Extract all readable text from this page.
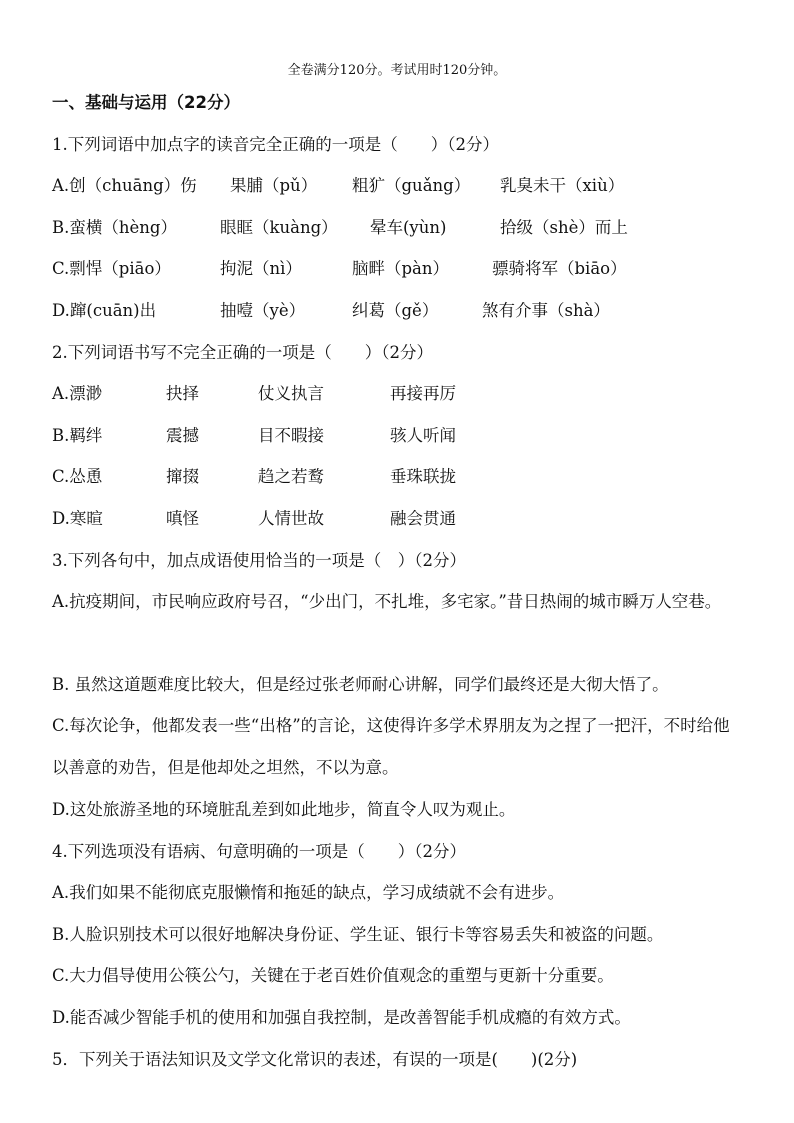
全卷满分120分。考试用时120分钟。
一、基础与运用（22分）
1.下列词语中加点字的读音完全正确的一项是（　　）（2分）
A.创（chuāng）伤 果脯（pǔ） 粗犷（guǎng） 乳臭未干（xiù）
B.蛮横（hèng）	眼眶（kuàng） 晕车(yùn)	拾级（shè）而上
C.剽悍（piāo）	拘泥（nì）	脑畔（pàn）	骠骑将军（biāo）
D.蹿(cuān)出	抽噎（yè）	纠葛（gě）	煞有介事（shà）
2.下列词语书写不完全正确的一项是（　　）（2分）
A.漂渺	抉择	仗义执言	再接再厉
B.羁绊	震撼	目不暇接	骇人听闻
C.怂恿	撺掇	趋之若鹜	垂珠联拢
D.寒暄	嗔怪	人情世故	融会贯通
3.下列各句中，加点成语使用恰当的一项是（　）（2分）
A.抗疫期间，市民响应政府号召，“少出门，不扎堆，多宅家。”昔日热闹的城市瞬万人空巷。
B. 虽然这道题难度比较大，但是经过张老师耐心讲解，同学们最终还是大彻大悟了。
C.每次论争，他都发表一些“出格”的言论，这使得许多学术界朋友为之捏了一把汗，不时给他以善意的劝告，但是他却处之坦然，不以为意。
D.这处旅游圣地的环境脏乱差到如此地步，简直令人叹为观止。
4.下列选项没有语病、句意明确的一项是（　　）（2分）
A.我们如果不能彻底克服懒惰和拖延的缺点，学习成绩就不会有进步。
B.人脸识别技术可以很好地解决身份证、学生证、银行卡等容易丢失和被盗的问题。
C.大力倡导使用公筷公勺，关键在于老百姓价值观念的重塑与更新十分重要。
D.能否减少智能手机的使用和加强自我控制，是改善智能手机成瘾的有效方式。
5．下列关于语法知识及文学文化常识的表述，有误的一项是(　　)(2分)
